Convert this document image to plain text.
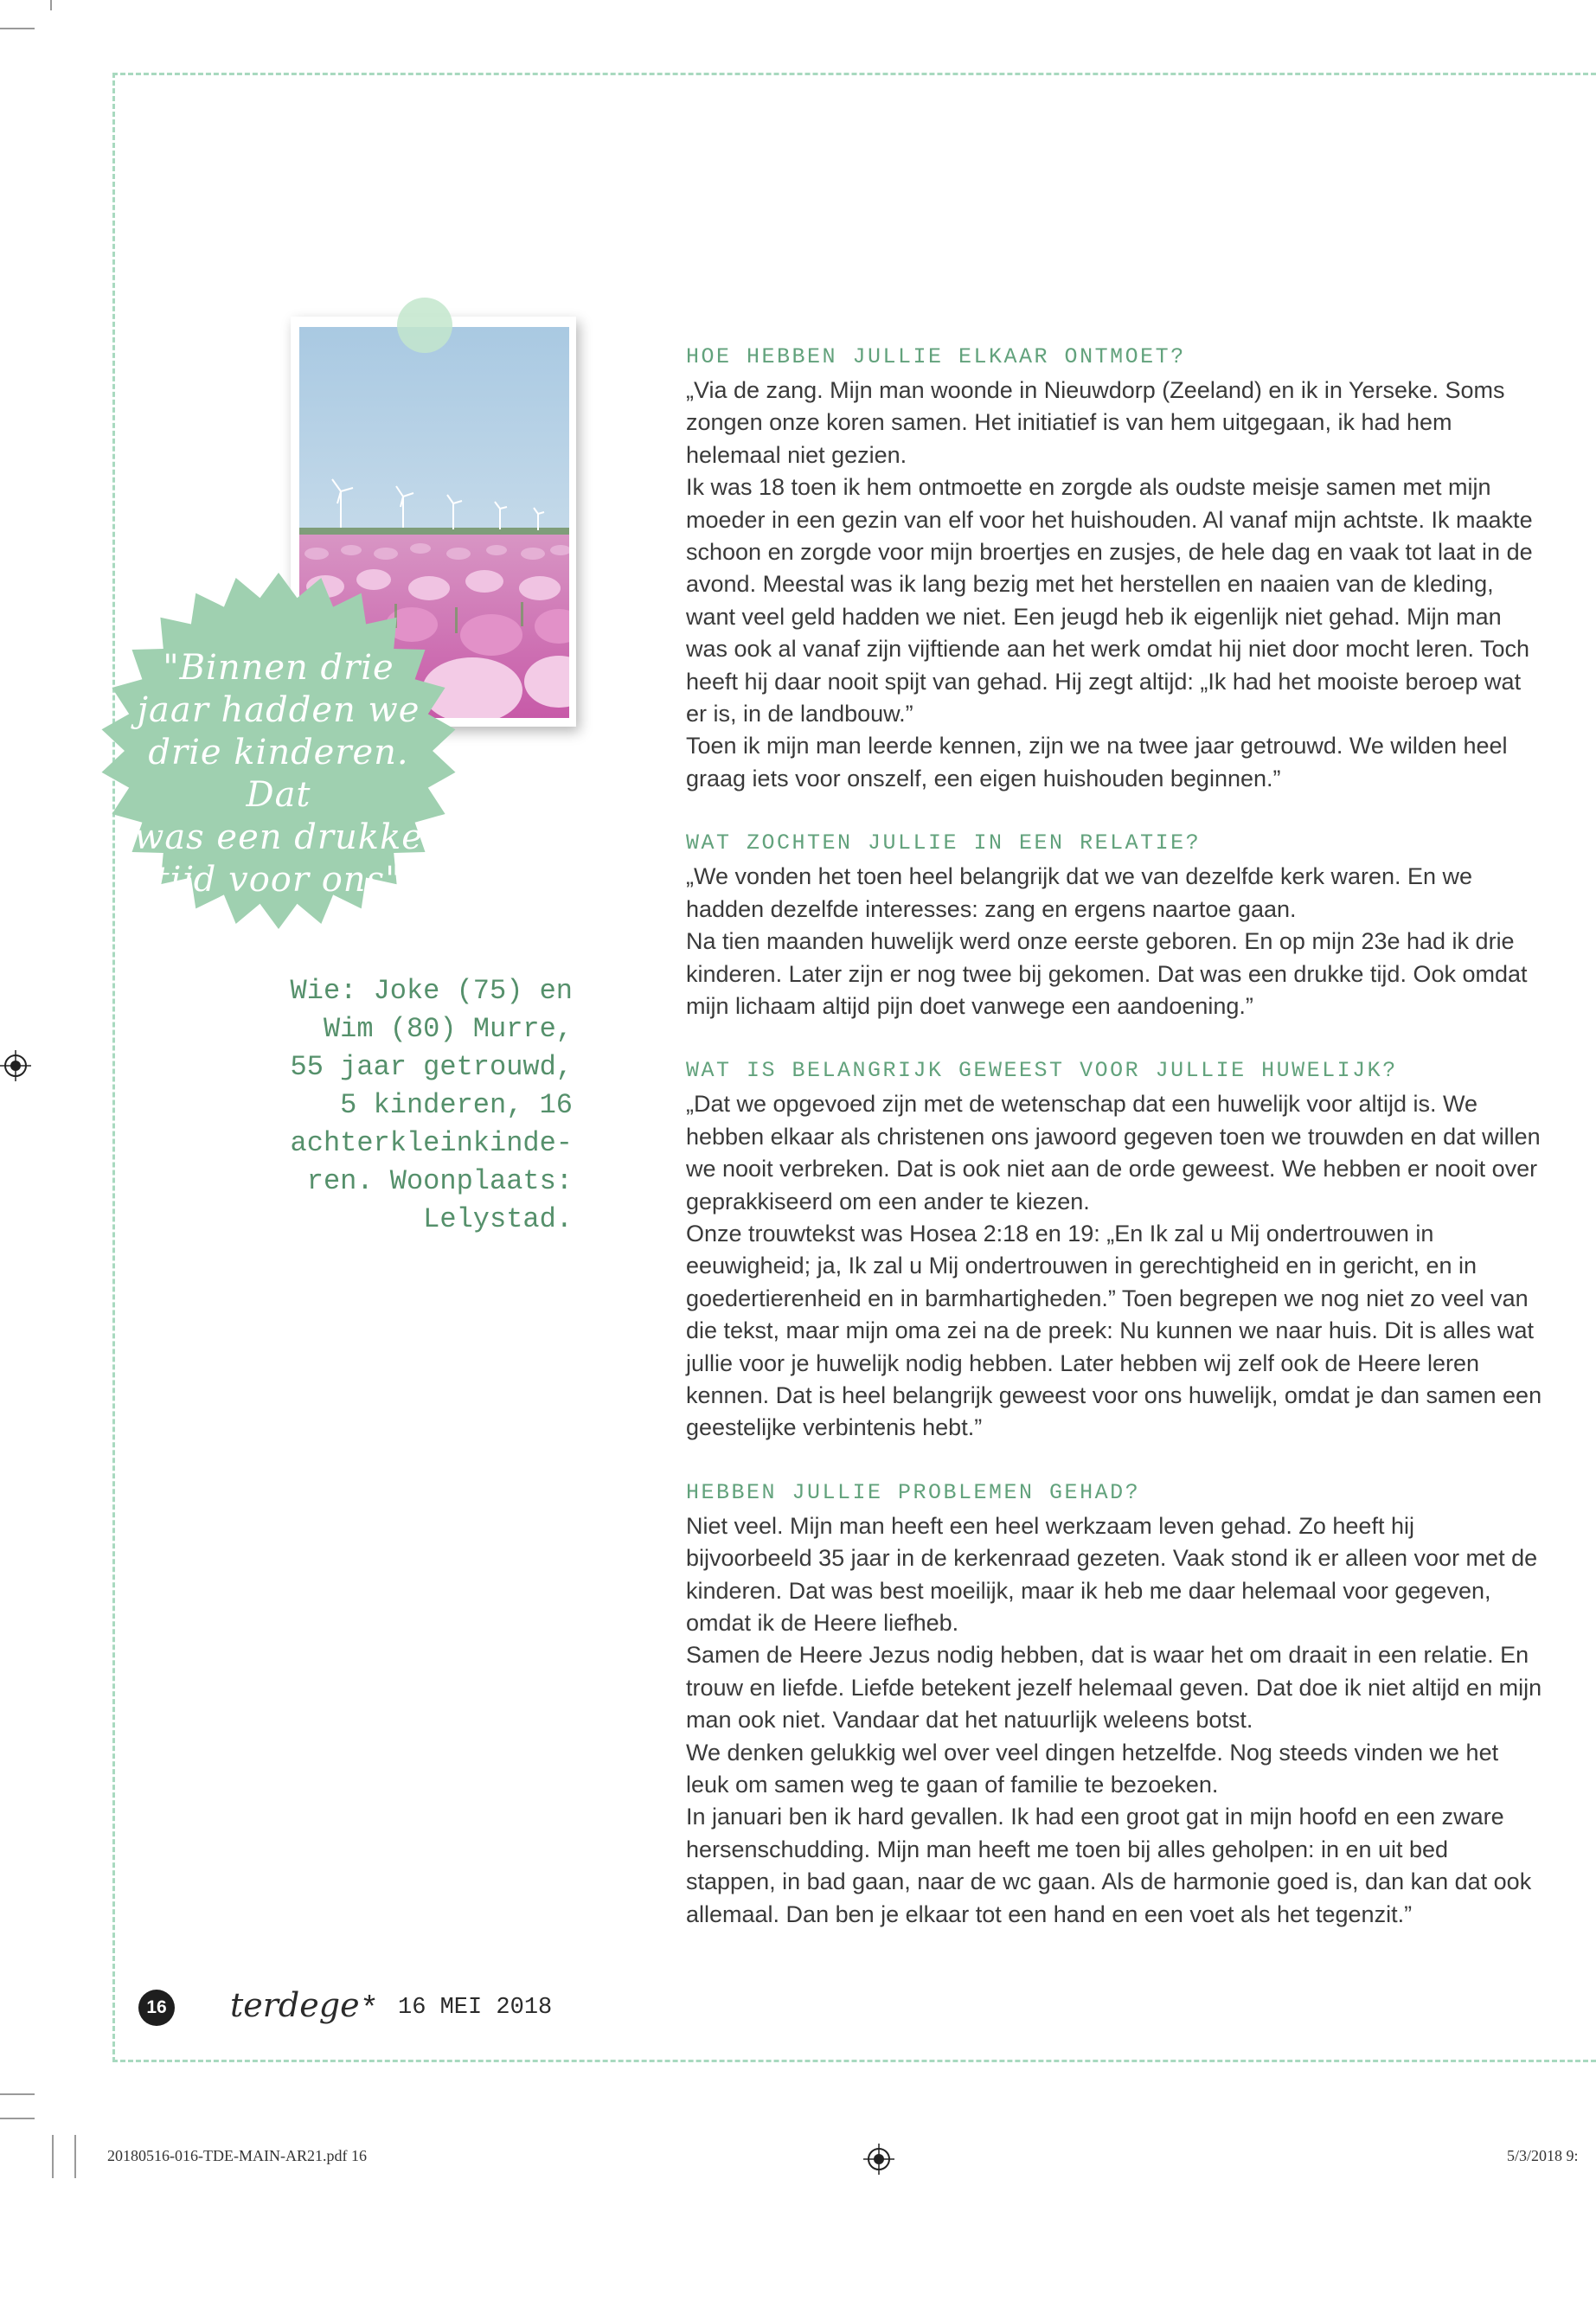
"Binnen drie
jaar hadden we
drie kinderen. Dat
was een drukke
tijd voor ons"
Wie: Joke (75) en
Wim (80) Murre,
55 jaar getrouwd,
5 kinderen, 16
achterkleinkinde-
ren. Woonplaats:
Lelystad.
HOE HEBBEN JULLIE ELKAAR ONTMOET?
„Via de zang. Mijn man woonde in Nieuwdorp (Zeeland) en ik in Yerseke. Soms zongen onze koren samen. Het initiatief is van hem uitgegaan, ik had hem helemaal niet gezien.
Ik was 18 toen ik hem ontmoette en zorgde als oudste meisje samen met mijn moeder in een gezin van elf voor het huishouden. Al vanaf mijn achtste. Ik maakte schoon en zorgde voor mijn broertjes en zusjes, de hele dag en vaak tot laat in de avond. Meestal was ik lang bezig met het herstellen en naaien van de kleding, want veel geld hadden we niet. Een jeugd heb ik eigenlijk niet gehad. Mijn man was ook al vanaf zijn vijftiende aan het werk omdat hij niet door mocht leren. Toch heeft hij daar nooit spijt van gehad. Hij zegt altijd: „Ik had het mooiste beroep wat er is, in de landbouw.”
Toen ik mijn man leerde kennen, zijn we na twee jaar getrouwd. We wilden heel graag iets voor onszelf, een eigen huishouden beginnen.”
WAT ZOCHTEN JULLIE IN EEN RELATIE?
„We vonden het toen heel belangrijk dat we van dezelfde kerk waren. En we hadden dezelfde interesses: zang en ergens naartoe gaan.
Na tien maanden huwelijk werd onze eerste geboren. En op mijn 23e had ik drie kinderen. Later zijn er nog twee bij gekomen. Dat was een drukke tijd. Ook omdat mijn lichaam altijd pijn doet vanwege een aandoening.”
WAT IS BELANGRIJK GEWEEST VOOR JULLIE HUWELIJK?
„Dat we opgevoed zijn met de wetenschap dat een huwelijk voor altijd is. We hebben elkaar als christenen ons jawoord gegeven toen we trouwden en dat willen we nooit verbreken. Dat is ook niet aan de orde geweest. We hebben er nooit over geprakkiseerd om een ander te kiezen.
Onze trouwtekst was Hosea 2:18 en 19: „En Ik zal u Mij ondertrouwen in eeuwigheid; ja, Ik zal u Mij ondertrouwen in gerechtigheid en in gericht, en in goedertierenheid en in barmhartigheden.” Toen begrepen we nog niet zo veel van die tekst, maar mijn oma zei na de preek: Nu kunnen we naar huis. Dit is alles wat jullie voor je huwelijk nodig hebben. Later hebben wij zelf ook de Heere leren kennen. Dat is heel belangrijk geweest voor ons huwelijk, omdat je dan samen een geestelijke verbintenis hebt.”
HEBBEN JULLIE PROBLEMEN GEHAD?
Niet veel. Mijn man heeft een heel werkzaam leven gehad. Zo heeft hij bijvoorbeeld 35 jaar in de kerkenraad gezeten. Vaak stond ik er alleen voor met de kinderen. Dat was best moeilijk, maar ik heb me daar helemaal voor gegeven, omdat ik de Heere liefheb.
Samen de Heere Jezus nodig hebben, dat is waar het om draait in een relatie. En trouw en liefde. Liefde betekent jezelf helemaal geven. Dat doe ik niet altijd en mijn man ook niet. Vandaar dat het natuurlijk weleens botst.
We denken gelukkig wel over veel dingen hetzelfde. Nog steeds vinden we het leuk om samen weg te gaan of familie te bezoeken.
In januari ben ik hard gevallen. Ik had een groot gat in mijn hoofd en een zware hersenschudding. Mijn man heeft me toen bij alles geholpen: in en uit bed stappen, in bad gaan, naar de wc gaan. Als de harmonie goed is, dan kan dat ook allemaal. Dan ben je elkaar tot een hand en een voet als het tegenzit.”
16 terdege * 16 MEI 2018
20180516-016-TDE-MAIN-AR21.pdf 16	5/3/2018 9:
